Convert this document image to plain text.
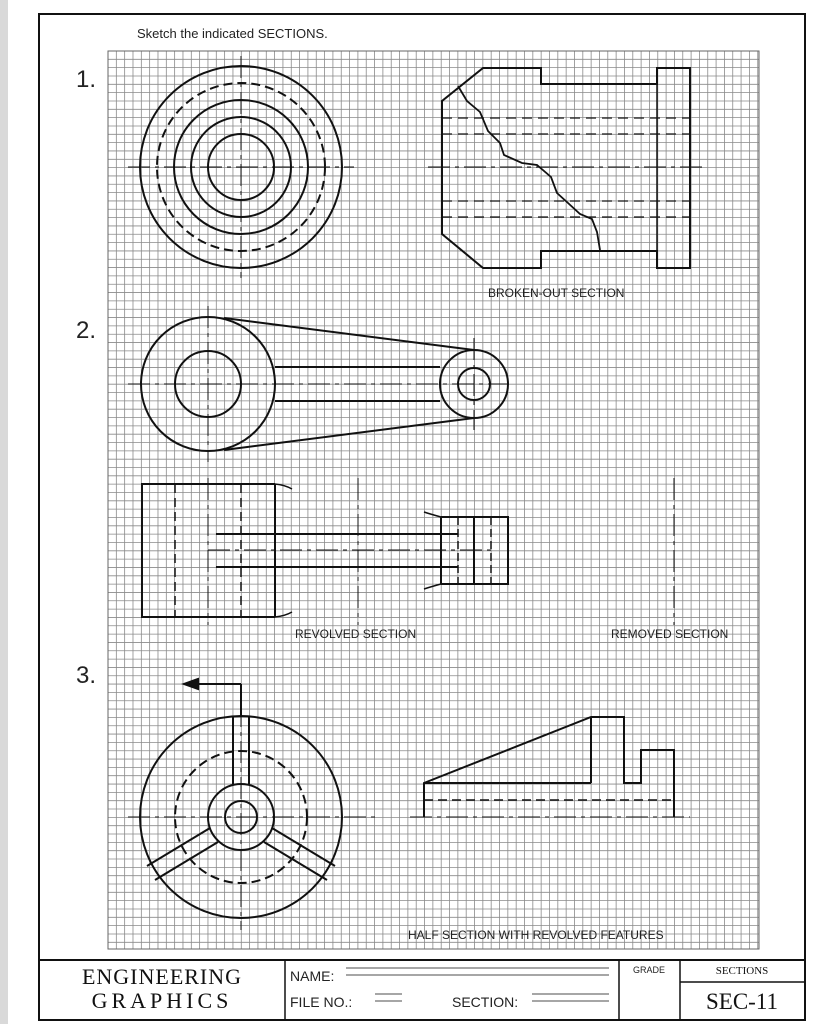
Sketch the indicated SECTIONS.
1.
2.
3.
BROKEN-OUT SECTION
REVOLVED SECTION	REMOVED SECTION
HALF SECTION WITH REVOLVED FEATURES
ENGINEERING
GRAPHICS
NAME:
FILE NO.:	SECTION:
GRADE	SECTIONS
SEC-11
